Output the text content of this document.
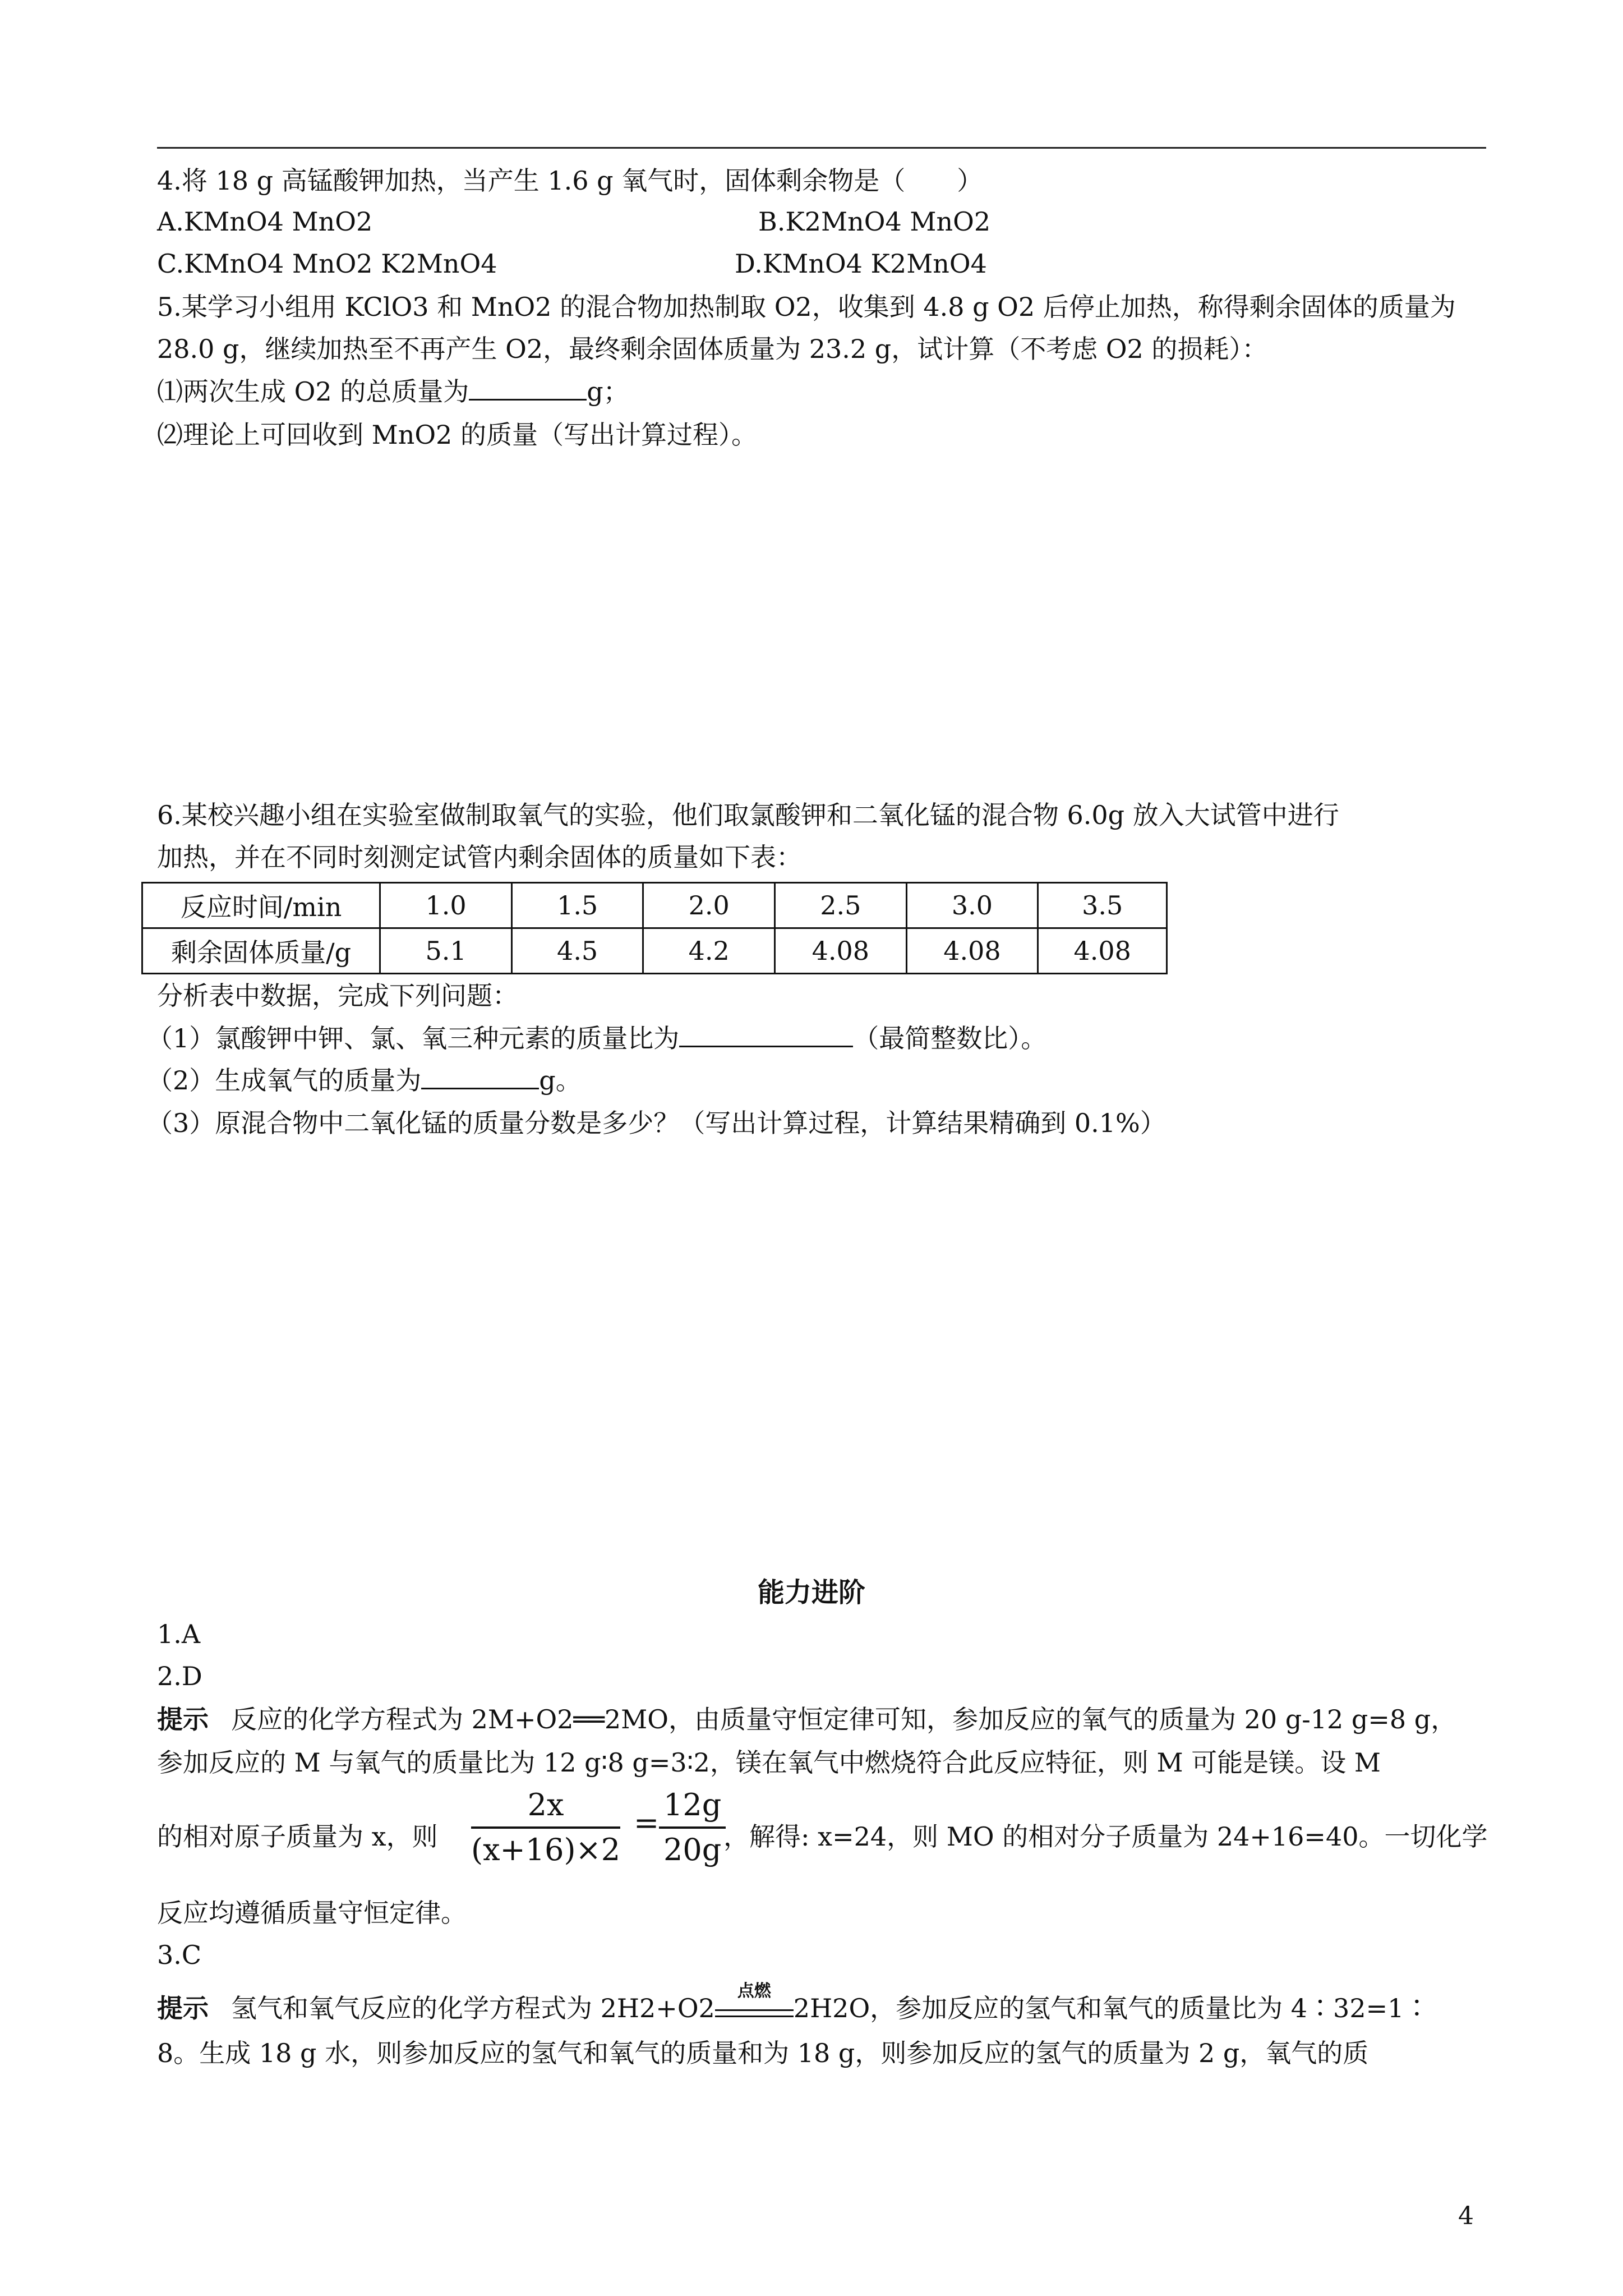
4.将 18 g 高锰酸钾加热，当产生 1.6 g 氧气时，固体剩余物是（　　）
A.KMnO4 MnO2	B.K2MnO4 MnO2
C.KMnO4 MnO2 K2MnO4	D.KMnO4 K2MnO4
5.某学习小组用 KClO3 和 MnO2 的混合物加热制取 O2，收集到 4.8 g O2 后停止加热，称得剩余固体的质量为
28.0 g，继续加热至不再产生 O2，最终剩余固体质量为 23.2 g，试计算（不考虑 O2 的损耗）：
⑴两次生成 O2 的总质量为	g；
⑵理论上可回收到 MnO2 的质量（写出计算过程）。
6.某校兴趣小组在实验室做制取氧气的实验，他们取氯酸钾和二氧化锰的混合物 6.0g 放入大试管中进行
加热，并在不同时刻测定试管内剩余固体的质量如下表：
反应时间/min	1.0	1.5	2.0	2.5	3.0	3.5
剩余固体质量/g	5.1	4.5	4.2	4.08	4.08	4.08
分析表中数据，完成下列问题：
（1）氯酸钾中钾、氯、氧三种元素的质量比为	（最简整数比）。
（2）生成氧气的质量为	g。
（3）原混合物中二氧化锰的质量分数是多少？（写出计算过程，计算结果精确到 0.1%）
能力进阶
1.A
2.D
提示 反应的化学方程式为 2M+O2══2MO，由质量守恒定律可知，参加反应的氧气的质量为 20 g-12 g=8 g，
参加反应的 M 与氧气的质量比为 12 g∶8 g=3∶2，镁在氧气中燃烧符合此反应特征，则 M 可能是镁。设 M
的相对原子质量为 x，则 $\frac{2x}{(x+16)\times 2} = \frac{12g}{20g}$
，解得: x=24，则 MO 的相对分子质量为 24+16=40。一切化学
反应均遵循质量守恒定律。
3.C
提示 氢气和氧气反应的化学方程式为 2H2+O2
点燃
2H2O，参加反应的氢气和氧气的质量比为 4∶32=1∶
8。生成 18 g 水，则参加反应的氢气和氧气的质量和为 18 g，则参加反应的氢气的质量为 2 g，氧气的质
4
